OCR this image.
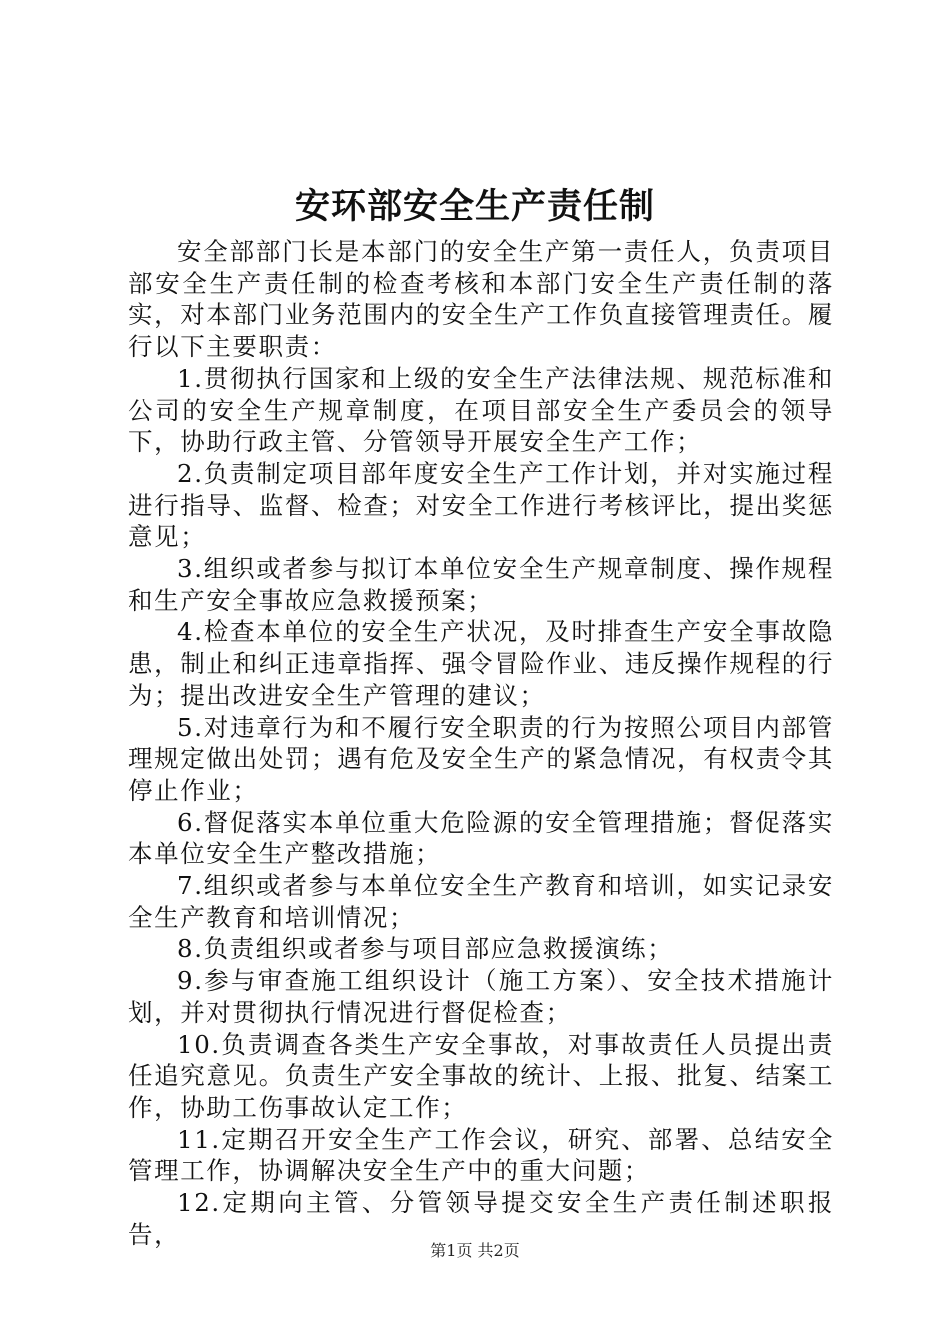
安环部安全生产责任制

安全部部门长是本部门的安全生产第一责任人，负责项目部安全生产责任制的检查考核和本部门安全生产责任制的落实，对本部门业务范围内的安全生产工作负直接管理责任。履行以下主要职责：

1.贯彻执行国家和上级的安全生产法律法规、规范标准和公司的安全生产规章制度，在项目部安全生产委员会的领导下，协助行政主管、分管领导开展安全生产工作；

2.负责制定项目部年度安全生产工作计划，并对实施过程进行指导、监督、检查；对安全工作进行考核评比，提出奖惩意见；

3.组织或者参与拟订本单位安全生产规章制度、操作规程和生产安全事故应急救援预案；

4.检查本单位的安全生产状况，及时排查生产安全事故隐患，制止和纠正违章指挥、强令冒险作业、违反操作规程的行为；提出改进安全生产管理的建议；

5.对违章行为和不履行安全职责的行为按照公项目内部管理规定做出处罚；遇有危及安全生产的紧急情况，有权责令其停止作业；

6.督促落实本单位重大危险源的安全管理措施；督促落实本单位安全生产整改措施；

7.组织或者参与本单位安全生产教育和培训，如实记录安全生产教育和培训情况；

8.负责组织或者参与项目部应急救援演练；

9.参与审查施工组织设计（施工方案）、安全技术措施计划，并对贯彻执行情况进行督促检查；

10.负责调查各类生产安全事故，对事故责任人员提出责任追究意见。负责生产安全事故的统计、上报、批复、结案工作，协助工伤事故认定工作；

11.定期召开安全生产工作会议，研究、部署、总结安全管理工作，协调解决安全生产中的重大问题；

12.定期向主管、分管领导提交安全生产责任制述职报告，

第1页 共2页
